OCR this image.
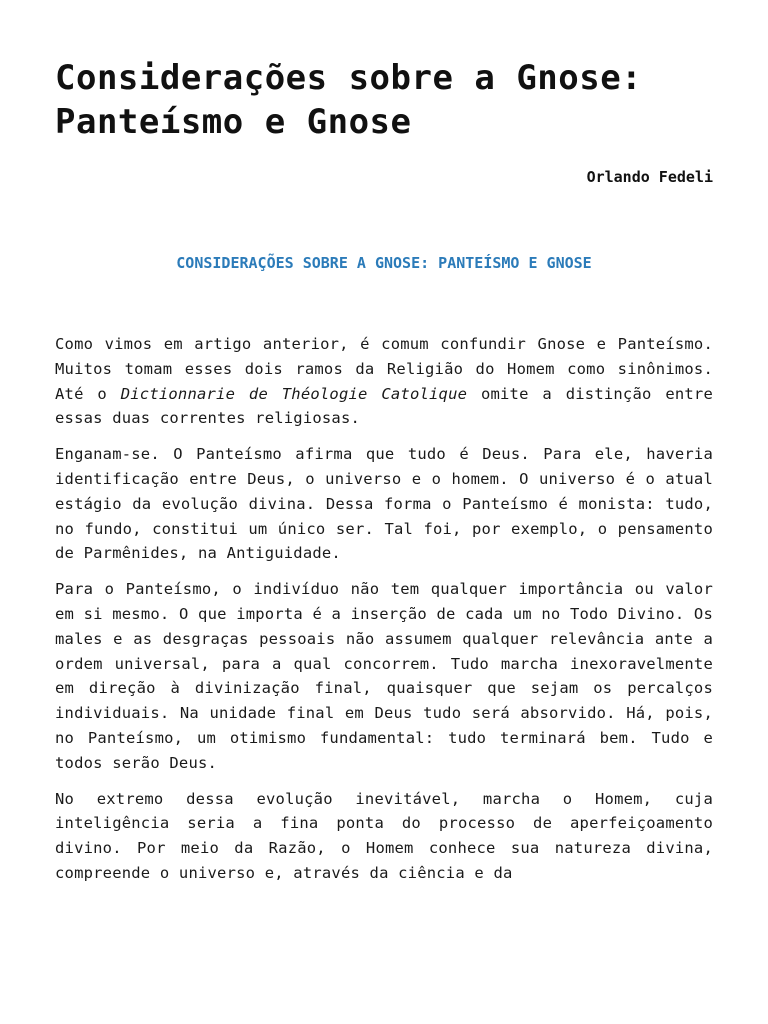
Considerações sobre a Gnose:
Panteísmo e Gnose
Orlando Fedeli
CONSIDERAÇÕES SOBRE A GNOSE: PANTEÍSMO E GNOSE

Como vimos em artigo anterior, é comum confundir Gnose e Panteísmo. Muitos tomam esses dois ramos da Religião do Homem como sinônimos. Até o Dictionnarie de Théologie Catolique omite a distinção entre essas duas correntes religiosas.

Enganam-se. O Panteísmo afirma que tudo é Deus. Para ele, haveria identificação entre Deus, o universo e o homem. O universo é o atual estágio da evolução divina. Dessa forma o Panteísmo é monista: tudo, no fundo, constitui um único ser. Tal foi, por exemplo, o pensamento de Parmênides, na Antiguidade.

Para o Panteísmo, o indivíduo não tem qualquer importância ou valor em si mesmo. O que importa é a inserção de cada um no Todo Divino. Os males e as desgraças pessoais não assumem qualquer relevância ante a ordem universal, para a qual concorrem. Tudo marcha inexoravelmente em direção à divinização final, quaisquer que sejam os percalços individuais. Na unidade final em Deus tudo será absorvido. Há, pois, no Panteísmo, um otimismo fundamental: tudo terminará bem. Tudo e todos serão Deus.

No extremo dessa evolução inevitável, marcha o Homem, cuja inteligência seria a fina ponta do processo de aperfeiçoamento divino. Por meio da Razão, o Homem conhece sua natureza divina, compreende o universo e, através da ciência e da
